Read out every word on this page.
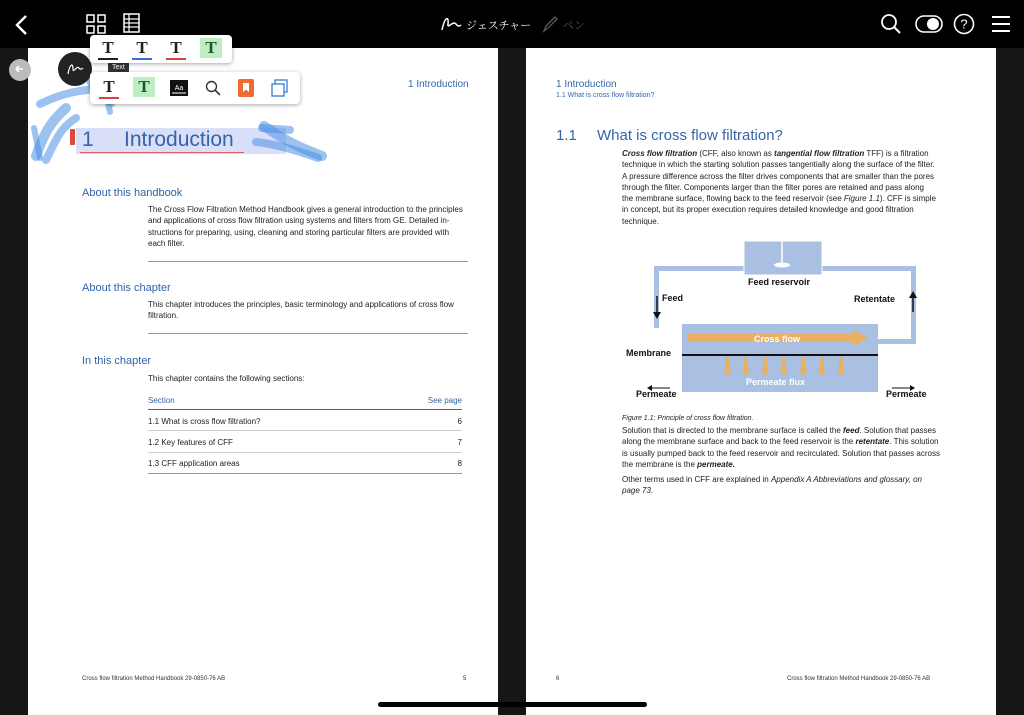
ジェスチャー	ペン	?
1 Introduction
1 Introduction
About this handbook
The Cross Flow Filtration Method Handbook gives a general introduction to the principles
and applications of cross flow filtration using systems and filters from GE. Detailed in-
structions for preparing, using, cleaning and storing particular filters are provided with
each filter.
About this chapter
This chapter introduces the principles, basic terminology and applications of cross flow
filtration.
In this chapter
This chapter contains the following sections:
Section	See page
1.1 What is cross flow filtration?	6
1.2 Key features of CFF	7
1.3 CFF application areas	8
Cross flow filtration Method Handbook 29-0850-76 AB	5
1 Introduction
1.1 What is cross flow filtration?
1.1 What is cross flow filtration?
Cross flow filtration (CFF, also known as tangential flow filtration TFF) is a filtration
technique in which the starting solution passes tangentially along the surface of the filter.
A pressure difference across the filter drives components that are smaller than the pores
through the filter. Components larger than the filter pores are retained and pass along
the membrane surface, flowing back to the feed reservoir (see Figure 1.1). CFF is simple
in concept, but its proper execution requires detailed knowledge and good filtration
technique.
Feed reservoir
Feed	Retentate
Cross flow
Membrane
Permeate flux
Permeate	Permeate
Figure 1.1: Principle of cross flow filtration.
Solution that is directed to the membrane surface is called the feed. Solution that passes
along the membrane surface and back to the feed reservoir is the retentate. This solution
is usually pumped back to the feed reservoir and recirculated. Solution that passes across
the membrane is the permeate.
Other terms used in CFF are explained in Appendix A Abbreviations and glossary, on
page 73.
6	Cross flow filtration Method Handbook 29-0850-76 AB
Text
T T T	T
T	T	Aa
